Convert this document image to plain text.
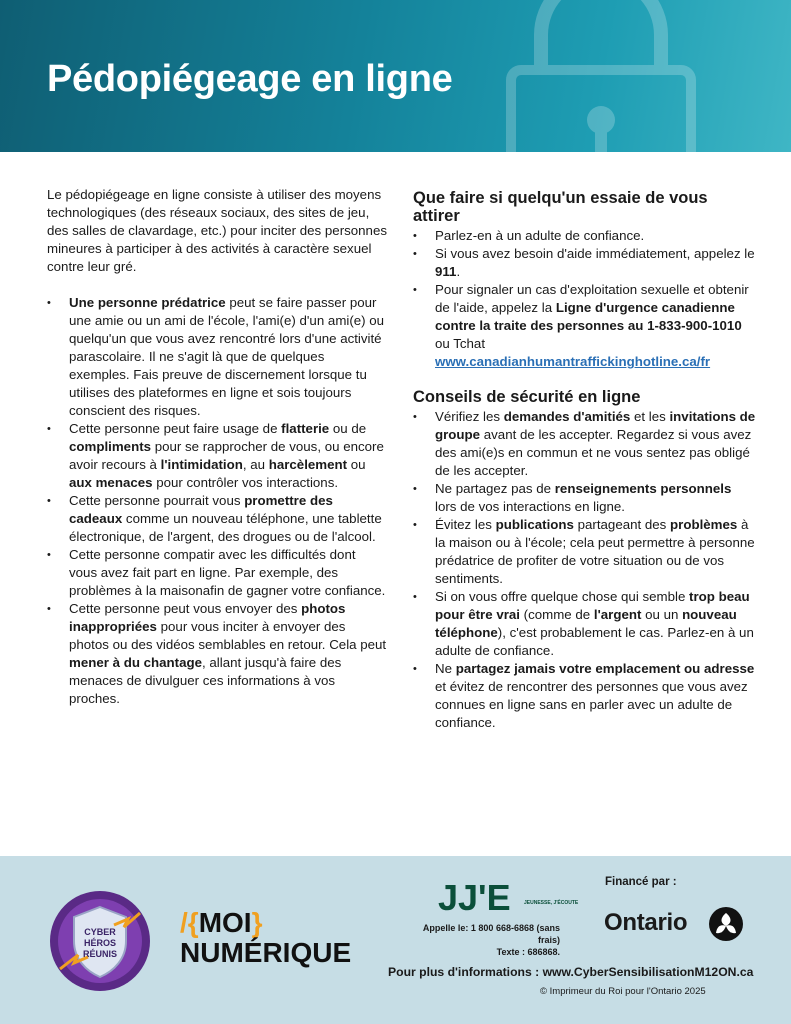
Pédopiégeage en ligne

Le pédopiégeage en ligne consiste à utiliser des moyens technologiques (des réseaux sociaux, des sites de jeu, des salles de clavardage, etc.) pour inciter des personnes mineures à participer à des activités à caractère sexuel contre leur gré.

• Une personne prédatrice peut se faire passer pour une amie ou un ami de l'école, l'ami(e) d'un ami(e) ou quelqu'un que vous avez rencontré lors d'une activité parascolaire. Il ne s'agit là que de quelques exemples. Fais preuve de discernement lorsque tu utilises des plateformes en ligne et sois toujours conscient des risques.
• Cette personne peut faire usage de flatterie ou de compliments pour se rapprocher de vous, ou encore avoir recours à l'intimidation, au harcèlement ou aux menaces pour contrôler vos interactions.
• Cette personne pourrait vous promettre des cadeaux comme un nouveau téléphone, une tablette électronique, de l'argent, des drogues ou de l'alcool.
• Cette personne compatir avec les difficultés dont vous avez fait part en ligne. Par exemple, des problèmes à la maisonafin de gagner votre confiance.
• Cette personne peut vous envoyer des photos inappropriées pour vous inciter à envoyer des photos ou des vidéos semblables en retour. Cela peut mener à du chantage, allant jusqu'à faire des menaces de divulguer ces informations à vos proches.
Que faire si quelqu'un essaie de vous attirer
• Parlez-en à un adulte de confiance.
• Si vous avez besoin d'aide immédiatement, appelez le 911.
• Pour signaler un cas d'exploitation sexuelle et obtenir de l'aide, appelez la Ligne d'urgence canadienne contre la traite des personnes au 1-833-900-1010 ou Tchat www.canadianhumantraffickinghotline.ca/fr
Conseils de sécurité en ligne
• Vérifiez les demandes d'amitiés et les invitations de groupe avant de les accepter. Regardez si vous avez des ami(e)s en commun et ne vous sentez pas obligé de les accepter.
• Ne partagez pas de renseignements personnels lors de vos interactions en ligne.
• Évitez les publications partageant des problèmes à la maison ou à l'école; cela peut permettre à personne prédatrice de profiter de votre situation ou de vos sentiments.
• Si on vous offre quelque chose qui semble trop beau pour être vrai (comme de l'argent ou un nouveau téléphone), c'est probablement le cas. Parlez-en à un adulte de confiance.
• Ne partagez jamais votre emplacement ou adresse et évitez de rencontrer des personnes que vous avez connues en ligne sans en parler avec un adulte de confiance.
CYBER
HÉROS
RÉUNIS
/{MOI}
NUMÉRIQUE
JJ'E	JEUNESSE, J'ÉCOUTE
Appelle le: 1 800 668-6868 (sans frais)
Texte : 686868.
Financé par :
Ontario
Pour plus d'informations : www.CyberSensibilisationM12ON.ca
© Imprimeur du Roi pour l'Ontario 2025
